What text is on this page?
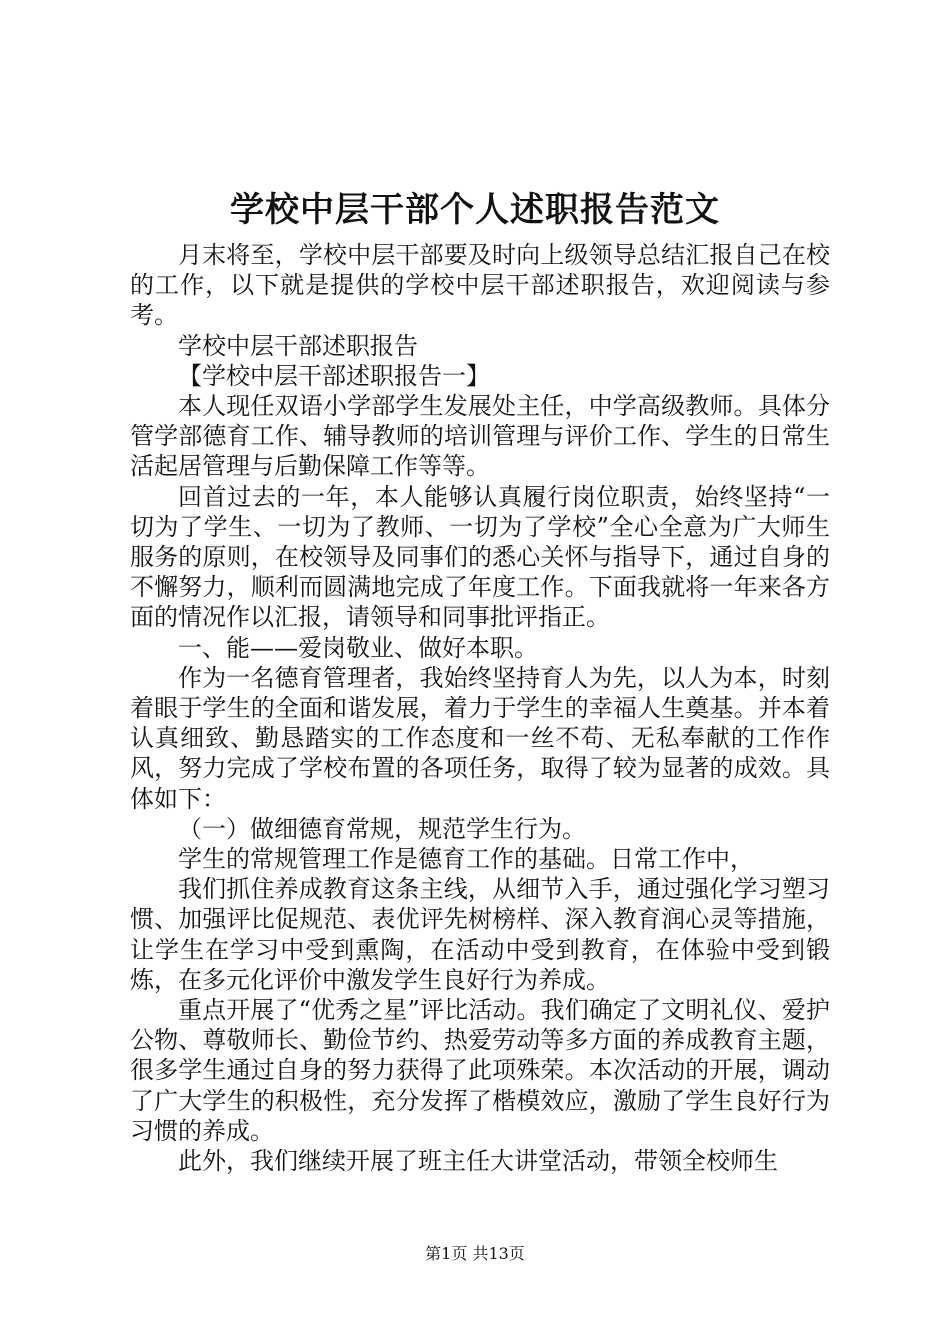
学校中层干部个人述职报告范文

月末将至，学校中层干部要及时向上级领导总结汇报自己在校的工作，以下就是提供的学校中层干部述职报告，欢迎阅读与参考。

学校中层干部述职报告

【学校中层干部述职报告一】

本人现任双语小学部学生发展处主任，中学高级教师。具体分管学部德育工作、辅导教师的培训管理与评价工作、学生的日常生活起居管理与后勤保障工作等等。

回首过去的一年，本人能够认真履行岗位职责，始终坚持“一切为了学生、一切为了教师、一切为了学校”全心全意为广大师生服务的原则，在校领导及同事们的悉心关怀与指导下，通过自身的不懈努力，顺利而圆满地完成了年度工作。下面我就将一年来各方面的情况作以汇报，请领导和同事批评指正。

一、能——爱岗敬业、做好本职。

作为一名德育管理者，我始终坚持育人为先，以人为本，时刻着眼于学生的全面和谐发展，着力于学生的幸福人生奠基。并本着认真细致、勤恳踏实的工作态度和一丝不苟、无私奉献的工作作风，努力完成了学校布置的各项任务，取得了较为显著的成效。具体如下：

（一）做细德育常规，规范学生行为。

学生的常规管理工作是德育工作的基础。日常工作中，

我们抓住养成教育这条主线，从细节入手，通过强化学习塑习惯、加强评比促规范、表优评先树榜样、深入教育润心灵等措施，让学生在学习中受到熏陶，在活动中受到教育，在体验中受到锻炼，在多元化评价中激发学生良好行为养成。

重点开展了“优秀之星”评比活动。我们确定了文明礼仪、爱护公物、尊敬师长、勤俭节约、热爱劳动等多方面的养成教育主题，很多学生通过自身的努力获得了此项殊荣。本次活动的开展，调动了广大学生的积极性，充分发挥了楷模效应，激励了学生良好行为习惯的养成。

此外，我们继续开展了班主任大讲堂活动，带领全校师生

第1页 共13页
